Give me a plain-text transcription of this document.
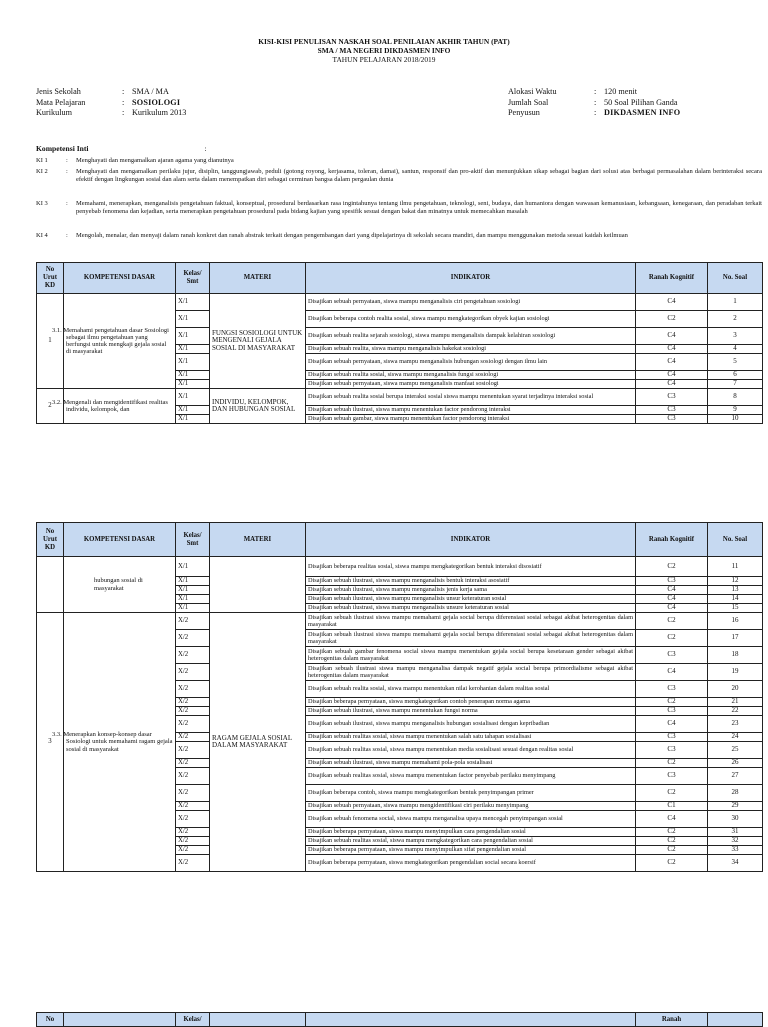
KISI-KISI PENULISAN NASKAH SOAL PENILAIAN AKHIR TAHUN (PAT)
SMA / MA NEGERI DIKDASMEN INFO
TAHUN PELAJARAN 2018/2019
Jenis Sekolah	: SMA / MA
Mata Pelajaran	: SOSIOLOGI
Kurikulum	: Kurikulum 2013
Alokasi Waktu	: 120 menit
Jumlah Soal	: 50 Soal Pilihan Ganda
Penyusun	: DIKDASMEN INFO
Kompetensi Inti	:
KI 1	:	Menghayati dan mengamalkan ajaran agama yang dianutnya
KI 2	:	Menghayati dan mengamalkan perilaku jujur, disiplin, tanggungjawab, peduli (gotong royong, kerjasama, toleran, damai), santun, responsif dan pro-aktif dan menunjukkan sikap sebagai bagian dari solusi atas berbagai permasalahan dalam berinteraksi secara efektif dengan lingkungan sosial dan alam serta dalam menempatkan diri sebagai cerminan bangsa dalam pergaulan dunia
KI 3	:	Memahami, menerapkan, menganalisis pengetahuan faktual, konseptual, prosedural berdasarkan rasa ingintahunya tentang ilmu pengetahuan, teknologi, seni, budaya, dan humaniora dengan wawasan kemanusiaan, kebangsaan, kenegaraan, dan peradaban terkait penyebab fenomena dan kejadian, serta menerapkan pengetahuan prosedural pada bidang kajian yang spesifik sesuai dengan bakat dan minatnya untuk memecahkan masalah
KI 4	:	Mengolah, menalar, dan menyaji dalam ranah konkret dan ranah abstrak terkait dengan pengembangan dari yang dipelajarinya di sekolah secara mandiri, dan mampu menggunakan metoda sesuai kaidah keilmuan
No Urut KD	KOMPETENSI DASAR	Kelas/ Smt	MATERI	INDIKATOR	Ranah Kognitif	No. Soal
1	3.1. Memahami pengetahuan dasar Sosiologi sebagai ilmu pengetahuan yang berfungsi untuk mengkaji gejala sosial di masyarakat	X/1	FUNGSI SOSIOLOGI UNTUK MENGENALI GEJALA SOSIAL DI MASYARAKAT	Disajikan sebuah pernyataan, siswa mampu menganalisis ciri pengetahuan sosiologi	C4	1
		X/1		Disajikan beberapa contoh realita sosial, siswa mampu mengkategorikan obyek kajian sosiologi	C2	2
		X/1		Disajikan sebuah realita sejarah sosiologi, siswa mampu menganalisis dampak kelahiran sosiologi	C4	3
		X/1		Disajikan sebuah realita, siswa mampu menganalisis hakekat sosiologi	C4	4
		X/1		Disajikan sebuah pernyataan, siswa mampu menganalisis hubungan sosiologi dengan ilmu lain	C4	5
		X/1		Disajikan sebuah realita sosial, siswa mampu menganalisis fungsi sosiologi	C4	6
		X/1		Disajikan sebuah pernyataan, siswa mampu menganalisis manfaat sosiologi	C4	7
2	3.2. Mengenali dan mengidentifikasi realitas individu, kelompok, dan	X/1	INDIVIDU, KELOMPOK, DAN HUBUNGAN SOSIAL	Disajikan sebuah realita sosial berupa interaksi sosial siswa mampu menentukan syarat terjadinya interaksi sosial	C3	8
		X/1		Disajikan sebuah ilustrasi, siswa mampu menentukan factor pendorong interaksi	C3	9
		X/1		Disajikan sebuah gambar, siswa mampu menentukan factor pendorong interaksi	C3	10
No Urut KD	KOMPETENSI DASAR	Kelas/ Smt	MATERI	INDIKATOR	Ranah Kognitif	No. Soal
	hubungan sosial di masyarakat	X/1		Disajikan beberapa realitas sosial, siswa mampu mengkategorikan bentuk interaksi disosiatif	C2	11
		X/1		Disajikan sebuah ilustrasi, siswa mampu menganalisis bentuk interaksi asosiatif	C3	12
		X/1		Disajikan sebuah ilustrasi, siswa mampu menganalisis jenis kerja sama	C4	13
		X/1		Disajikan sebuah ilustrasi, siswa mampu menganalisis unsur keteraturan sosial	C4	14
		X/1		Disajikan sebuah ilustrasi, siswa mampu menganalisis unsure keteraturan sosial	C4	15
3	3.3. Menerapkan konsep-konsep dasar Sosiologi untuk memahami ragam gejala sosial di masyarakat	X/2	RAGAM GEJALA SOSIAL DALAM MASYARAKAT	Disajikan sebuah ilustrasi siswa mampu memahami gejala social berupa diferensiasi sosial sebagai akibat heterogenitas dalam masyarakat	C2	16
		X/2		Disajikan sebuah ilustrasi siswa mampu memahami gejala social berupa diferensiasi sosial sebagai akibat heterogenitas dalam masyarakat	C2	17
		X/2		Disajikan sebuah gambar fenomena social siswa mampu menentukan gejala social berupa kesetaraan gender sebagai akibat heterogenitas dalam masyarakat	C3	18
		X/2		Disajikan sebuah ilustrasi siswa mampu menganalisa dampak negatif gejala social berupa primordialisme sebagai akibat heterogenitas dalam masyarakat	C4	19
		X/2		Disajikan sebuah realita sosial, siswa mampu menentukan nilai kerohanian dalam realitas sosial	C3	20
		X/2		Disajikan beberapa pernyataan, siswa mengkategorikan contoh penerapan norma agama	C2	21
		X/2		Disajikan sebuah ilustrasi, siswa mampu menentukan fungsi norma	C3	22
		X/2		Disajikan sebuah ilustrasi, siswa mampu menganalisis hubungan sosialisasi dengan kepribadian	C4	23
		X/2		Disajikan sebuah realitas sosial, siswa mampu menentukan salah satu tahapan sosialisasi	C3	24
		X/2		Disajikan sebuah realitas sosial, siswa mampu menentukan media sosialisasi sesuai dengan realitas sosial	C3	25
		X/2		Disajikan sebuah ilustrasi, siswa mampu memahami pola-pola sosialisasi	C2	26
		X/2		Disajikan sebuah realitas sosial, siswa mampu menentukan factor penyebab perilaku menyimpang	C3	27
		X/2		Disajikan beberapa contoh, siswa mampu mengkategorikan bentuk penyimpangan primer	C2	28
		X/2		Disajikan sebuah pernyataan, siswa mampu mengidentifikasi ciri perilaku menyimpang	C1	29
		X/2		Disajikan sebuah fenomena social, siswa mampu menganalisa upaya mencegah penyimpangan sosial	C4	30
		X/2		Disajikan beberapa pernyataan, siswa mampu menyimpulkan cara pengendalian sosial	C2	31
		X/2		Disajikan sebuah realitas sosial, siswa mampu mengkategorikan cara pengendalian sosial	C2	32
		X/2		Disajikan beberapa pernyataan, siswa mampu menyimpulkan sifat pengendalian sosial	C2	33
		X/2		Disajikan beberapa pernyataan, siswa mengkategorikan pengendalian social secara koersif	C2	34
No		Kelas/			Ranah	
